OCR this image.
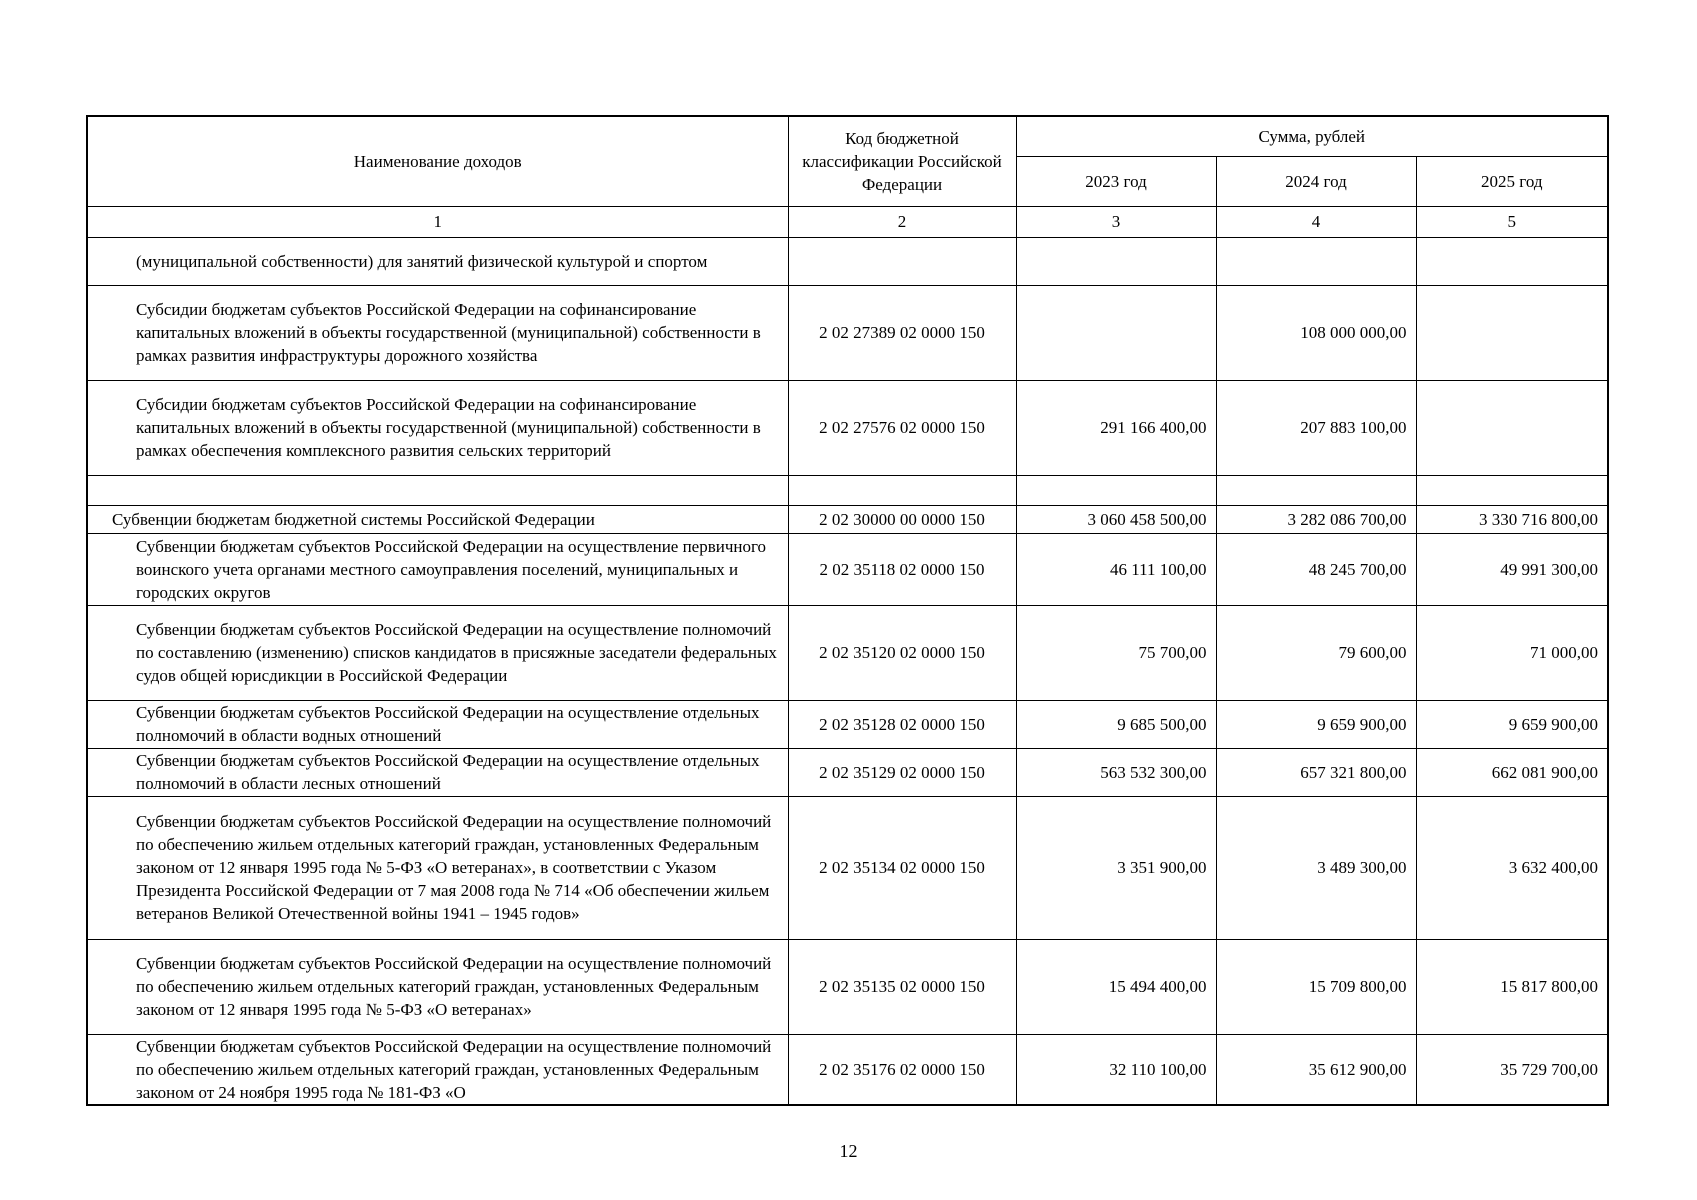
Наименование доходов	Код бюджетной классификации Российской Федерации	Сумма, рублей		
		2023 год	2024 год	2025 год
1	2	3	4	5
(муниципальной собственности) для занятий физической культурой и спортом				
Субсидии бюджетам субъектов Российской Федерации на софинансирование капитальных вложений в объекты государственной (муниципальной) собственности в рамках развития инфраструктуры дорожного хозяйства	2 02 27389 02 0000 150		108 000 000,00	
Субсидии бюджетам субъектов Российской Федерации на софинансирование капитальных вложений в объекты государственной (муниципальной) собственности в рамках обеспечения комплексного развития сельских территорий	2 02 27576 02 0000 150	291 166 400,00	207 883 100,00	

Субвенции бюджетам бюджетной системы Российской Федерации	2 02 30000 00 0000 150	3 060 458 500,00	3 282 086 700,00	3 330 716 800,00
Субвенции бюджетам субъектов Российской Федерации на осуществление первичного воинского учета органами местного самоуправления поселений, муниципальных и городских округов	2 02 35118 02 0000 150	46 111 100,00	48 245 700,00	49 991 300,00
Субвенции бюджетам субъектов Российской Федерации на осуществление полномочий по составлению (изменению) списков кандидатов в присяжные заседатели федеральных судов общей юрисдикции в Российской Федерации	2 02 35120 02 0000 150	75 700,00	79 600,00	71 000,00
Субвенции бюджетам субъектов Российской Федерации на осуществление отдельных полномочий в области водных отношений	2 02 35128 02 0000 150	9 685 500,00	9 659 900,00	9 659 900,00
Субвенции бюджетам субъектов Российской Федерации на осуществление отдельных полномочий в области лесных отношений	2 02 35129 02 0000 150	563 532 300,00	657 321 800,00	662 081 900,00
Субвенции бюджетам субъектов Российской Федерации на осуществление полномочий по обеспечению жильем отдельных категорий граждан, установленных Федеральным законом от 12 января 1995 года № 5-ФЗ «О ветеранах», в соответствии с Указом Президента Российской Федерации от 7 мая 2008 года № 714 «Об обеспечении жильем ветеранов Великой Отечественной войны 1941 – 1945 годов»	2 02 35134 02 0000 150	3 351 900,00	3 489 300,00	3 632 400,00
Субвенции бюджетам субъектов Российской Федерации на осуществление полномочий по обеспечению жильем отдельных категорий граждан, установленных Федеральным законом от 12 января 1995 года № 5-ФЗ «О ветеранах»	2 02 35135 02 0000 150	15 494 400,00	15 709 800,00	15 817 800,00
Субвенции бюджетам субъектов Российской Федерации на осуществление полномочий по обеспечению жильем отдельных категорий граждан, установленных Федеральным законом от 24 ноября 1995 года № 181-ФЗ «О	2 02 35176 02 0000 150	32 110 100,00	35 612 900,00	35 729 700,00
12
